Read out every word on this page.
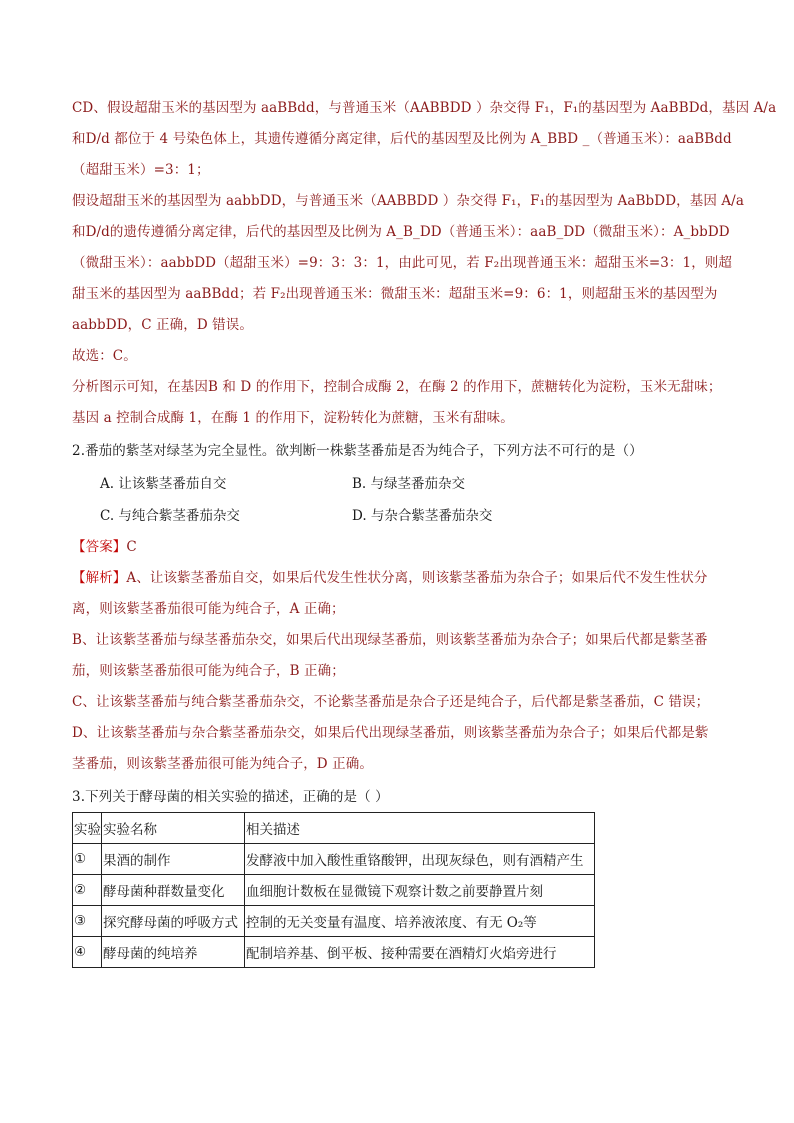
CD、假设超甜玉米的基因型为 aaBBdd，与普通玉米（AABBDD ）杂交得 F₁，F₁的基因型为 AaBBDd，基因 A/a
和D/d 都位于 4 号染色体上，其遗传遵循分离定律，后代的基因型及比例为 A_BBD _（普通玉米）：aaBBdd
（超甜玉米）=3：1；
假设超甜玉米的基因型为 aabbDD，与普通玉米（AABBDD ）杂交得 F₁，F₁的基因型为 AaBbDD，基因 A/a
和D/d的遗传遵循分离定律，后代的基因型及比例为 A_B_DD（普通玉米）：aaB_DD（微甜玉米）：A_bbDD
（微甜玉米）：aabbDD（超甜玉米）=9：3：3：1，由此可见，若 F₂出现普通玉米：超甜玉米=3：1，则超
甜玉米的基因型为 aaBBdd；若 F₂出现普通玉米：微甜玉米：超甜玉米=9：6：1，则超甜玉米的基因型为
aabbDD，C 正确，D 错误。
故选：C。
分析图示可知，在基因B 和 D 的作用下，控制合成酶 2，在酶 2 的作用下，蔗糖转化为淀粉，玉米无甜味；
基因 a 控制合成酶 1，在酶 1 的作用下，淀粉转化为蔗糖，玉米有甜味。
2.番茄的紫茎对绿茎为完全显性。欲判断一株紫茎番茄是否为纯合子，下列方法不可行的是（）
A. 让该紫茎番茄自交	B. 与绿茎番茄杂交
C. 与纯合紫茎番茄杂交	D. 与杂合紫茎番茄杂交
【答案】C
【解析】A、让该紫茎番茄自交，如果后代发生性状分离，则该紫茎番茄为杂合子；如果后代不发生性状分
离，则该紫茎番茄很可能为纯合子，A 正确；
B、让该紫茎番茄与绿茎番茄杂交，如果后代出现绿茎番茄，则该紫茎番茄为杂合子；如果后代都是紫茎番
茄，则该紫茎番茄很可能为纯合子，B 正确；
C、让该紫茎番茄与纯合紫茎番茄杂交，不论紫茎番茄是杂合子还是纯合子，后代都是紫茎番茄，C 错误；
D、让该紫茎番茄与杂合紫茎番茄杂交，如果后代出现绿茎番茄，则该紫茎番茄为杂合子；如果后代都是紫
茎番茄，则该紫茎番茄很可能为纯合子，D 正确。
3.下列关于酵母菌的相关实验的描述，正确的是（ ）
实验	实验名称	相关描述
①	果酒的制作	发酵液中加入酸性重铬酸钾，出现灰绿色，则有酒精产生
②	酵母菌种群数量变化	血细胞计数板在显微镜下观察计数之前要静置片刻
③	探究酵母菌的呼吸方式	控制的无关变量有温度、培养液浓度、有无 O₂等
④	酵母菌的纯培养	配制培养基、倒平板、接种需要在酒精灯火焰旁进行
